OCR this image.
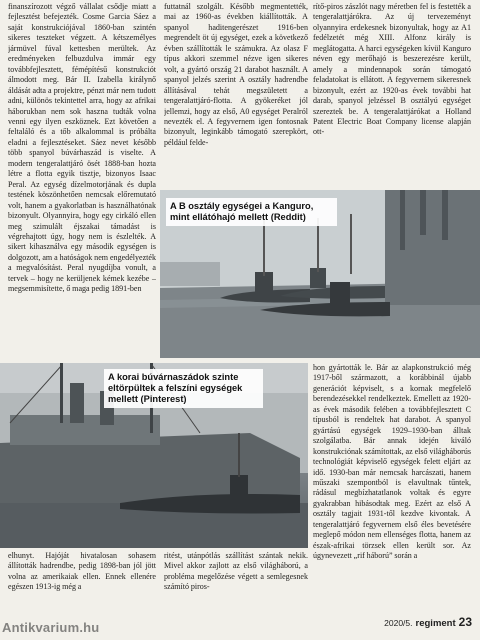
finanszírozott végző vállalat csődje miatt a fejlesztést befejezték. Cosme Garcia Sáez a saját konstrukciójával 1860-ban szintén sikeres teszteket végzett. A kétszemélyes jármüvel fúval kettesben merültek. Az eredményeken felbuzdulva immár egy továbbfejlesztett, fémépítésű konstrukciót álmodott meg. Bár II. Izabella királynő áldását adta a projektre, pénzt már nem tudott adni, különös tekintettel arra, hogy az afrikai háborukban nem sok haszna tudták volna venni egy ilyen eszköznek. Ezt követően a feltaláló és a tőb alkalommal is próbálta eladni a fejlesztéseket. Sáez nevet később több spanyol búvárhaszád is viselte. A modern tengeralattjáró ösét 1888-ban hozta létre a flotta egyik tisztje, bizonyos Isaac Peral. Az egység dízelmotorjának és dupla testének köszönhetően nemcsak előremutató volt, hanem a gyakorlatban is használhatónak bizonyult. Olyannyira, hogy egy cirkáló ellen meg szimulált éjszakai támadást is végrehajtott úgy, hogy nem is észlelték. A sikert kihasználva egy második egységen is dolgozott, am a hatóságok nem engedélyezték a megvalósítást. Peral nyugdíjba vonult, a tervek – hogy ne kerüljenek kémek kezébe – megsemmisítette, ő maga pedig 1891-ben

futtatnál szolgált. Később megmentették, mai az 1960-as években kiállították. A spanyol haditengerészet 1916-ben megrendelt öt új egységet, ezek a következő évben szállították le számukra. Az olasz F típus akkori szemmel nézve igen sikeres volt, a gyártó ország 21 darabot használt. A spanyol jelzés szerint A osztály hadrendbe állításával tehát megszületett a tengeralattjáró-flotta. A gyökeréket jól jellemzi, hogy az első, A0 egységet Peralról nevezték el. A fegyvernem igen fontosnak bizonyult, leginkább támogató szerepkört, például felde-

rítő-piros zászlót nagy méretben fel is festették a tengeralattjárókra. Az új tervezeményt olyannyira erdekesnek bizonyultak, hogy az A1 fedélzetét még XIII. Alfonz király is meglátogatta. A harci egységeken kívül Kanguro néven egy merőhajó is beszerezésre került, amely a mindennapok során támogató feladatokat is ellátott. A fegyvernem sikeresnek bizonyult, ezért az 1920-as évek további hat darab, spanyol jelzéssel B osztályú egységet szereztek be. A tengeralattjárókat a Holland Patent Electric Boat Company license alapján ott-

A B osztály egységei a Kanguro, mint ellátóhajó mellett (Reddit)
A korai búvárnaszádok szinte eltörpültek a felszíni egységek mellett (Pinterest)

hon gyártották le. Bár az alapkonstrukció még 1917-ből származott, a korábbinál újabb generációt képviselt, s a kornak megfelelő berendezésekkel rendelkeztek. Emellett az 1920-as évek második felében a továbbfejlesztett C típusból is rendeltek hat darabot. A spanyol gyártású egységek 1929–1930-ban álltak szolgálatba. Bár annak idején kiváló konstrukciónak számítottak, az első világháborús technológiát képviselő egységek felett eljárt az idő. 1930-ban már nemcsak harcászati, hanem műszaki szempontból is elavultnak tűntek, rádásul megbízhatatlanok voltak és egyre gyakrabban hibásodtak meg. Ezért az első A osztály tagjait 1931-től kezdve kivontak. A tengeralattjáró fegyvernem első éles bevetésére meglepő módon nem ellenséges flotta, hanem az észak-afrikai törzsek ellen került sor. Az úgynevezett „rif háború” során a

elhunyt. Hajóját hivatalosan sohasem állították hadrendbe, pedig 1898-ban jól jött volna az amerikaiak ellen. Ennek ellenére egészen 1913-ig még a

ritést, utánpótlás szállítást szántak nekik. Mivel akkor zajlott az első világháború, a probléma megelőzése végett a semlegesnek számító piros-

Antikvarium.hu	2020/5. regiment 23
